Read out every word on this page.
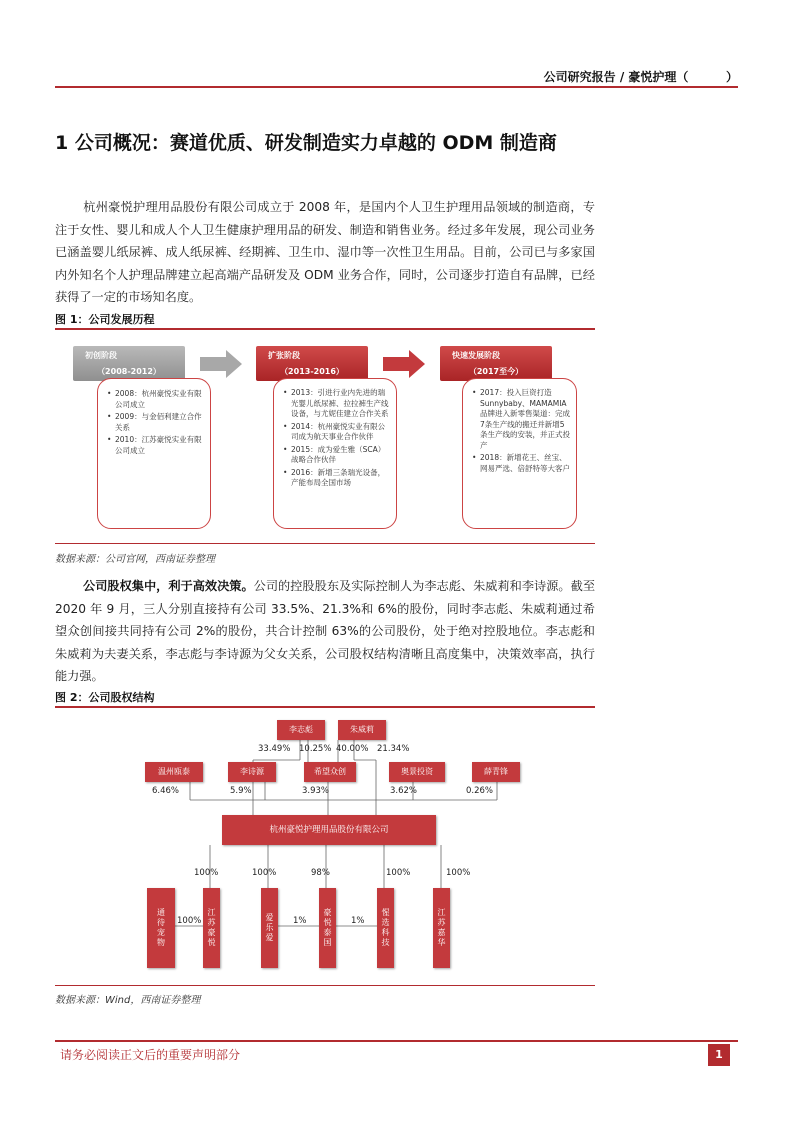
公司研究报告 / 豪悦护理（         ）
1 公司概况：赛道优质、研发制造实力卓越的 ODM 制造商
杭州豪悦护理用品股份有限公司成立于 2008 年，是国内个人卫生护理用品领域的制造商，专注于女性、婴儿和成人个人卫生健康护理用品的研发、制造和销售业务。经过多年发展，现公司业务已涵盖婴儿纸尿裤、成人纸尿裤、经期裤、卫生巾、湿巾等一次性卫生用品。目前，公司已与多家国内外知名个人护理品牌建立起高端产品研发及 ODM 业务合作，同时，公司逐步打造自有品牌，已经获得了一定的市场知名度。
图 1：公司发展历程
初创阶段
（2008-2012）
扩张阶段
（2013-2016）
快速发展阶段
（2017至今）
• 2008：杭州豪悦实业有限公司成立
• 2009：与金佰利建立合作关系
• 2010：江苏豪悦实业有限公司成立
• 2013：引进行业内先进的瑞光婴儿纸尿裤、拉拉裤生产线设备，与尤妮佳建立合作关系
• 2014：杭州豪悦实业有限公司成为航天事业合作伙伴
• 2015：成为爱生雅（SCA）战略合作伙伴
• 2016：新增三条瑞光设备，产能布局全国市场
• 2017：投入巨资打造Sunnybaby、MAMAMIA品牌进入新零售渠道：完成7条生产线的搬迁并新增5条生产线的安装，并正式投产
• 2018：新增花王、丝宝、网易严选、倍舒特等大客户
数据来源：公司官网，西南证券整理
公司股权集中，利于高效决策。公司的控股股东及实际控制人为李志彪、朱威莉和李诗源。截至 2020 年 9 月，三人分别直接持有公司 33.5%、21.3%和 6%的股份，同时李志彪、朱威莉通过希望众创间接共同持有公司 2%的股份，共合计控制 63%的公司股份，处于绝对控股地位。李志彪和朱威莉为夫妻关系，李志彪与李诗源为父女关系，公司股权结构清晰且高度集中，决策效率高，执行能力强。
图 2：公司股权结构
李志彪	朱威莉
33.49% 10.25% 40.00% 21.34%
温州瓯泰	李诗源	希望众创	奥景投资	薛青锋
6.46%	5.9%	3.93%	3.62%	0.26%
杭州豪悦护理用品股份有限公司
100%	100%	98%	100%	100%
通待宠物	江苏豪悦	爱乐爱	豪悦泰国	惺选科技	江苏嘉华
100%	1%	1%
数据来源：Wind，西南证券整理
请务必阅读正文后的重要声明部分	1
